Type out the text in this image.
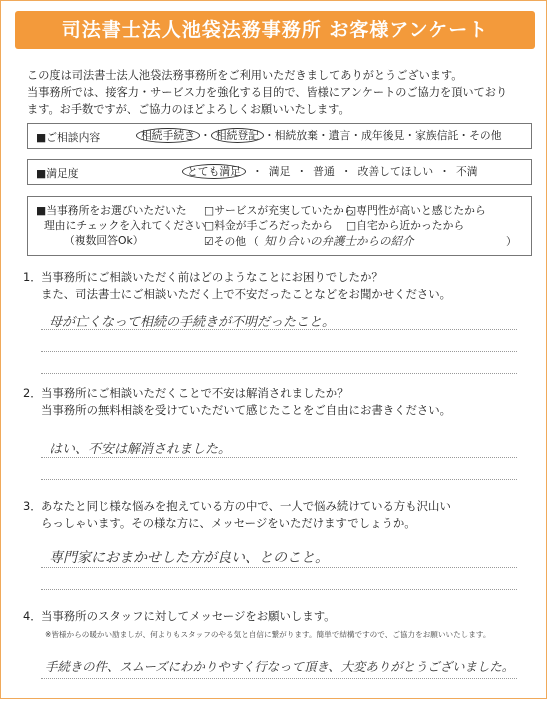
司法書士法人池袋法務事務所 お客様アンケート
この度は司法書士法人池袋法務事務所をご利用いただきましてありがとうございます。
当事務所では、接客力・サービス力を強化する目的で、皆様にアンケートのご協力を頂いており
ます。お手数ですが、ご協力のほどよろしくお願いいたします。
■ご相談内容	相続手続き ・ 相続登記 ・相続放棄・遺言・成年後見・家族信託・その他
■満足度	とても満足 ・ 満足 ・ 普通 ・ 改善してほしい ・ 不満
■当事務所をお選びいただいた
理由にチェックを入れてください
（複数回答Ok）
□サービスが充実していたから
□専門性が高いと感じたから
□料金が手ごろだったから □自宅から近かったから
☑その他 （ 知り合いの弁護士からの紹介	）
1．当事務所にご相談いただく前はどのようなことにお困りでしたか？
また、司法書士にご相談いただく上で不安だったことなどをお聞かせください。
母が亡くなって相続の手続きが不明だったこと。
2．当事務所にご相談いただくことで不安は解消されましたか？
当事務所の無料相談を受けていただいて感じたことをご自由にお書きください。
はい、不安は解消されました。
3．あなたと同じ様な悩みを抱えている方の中で、一人で悩み続けている方も沢山い
らっしゃいます。その様な方に、メッセージをいただけますでしょうか。
専門家におまかせした方が良い、とのこと。
4．当事務所のスタッフに対してメッセージをお願いします。
※皆様からの暖かい励ましが、何よりもスタッフのやる気と自信に繋がります。簡単で結構ですので、ご協力をお願いいたします。
手続きの件、スムーズにわかりやすく行なって頂き、大変ありがとうございました。
